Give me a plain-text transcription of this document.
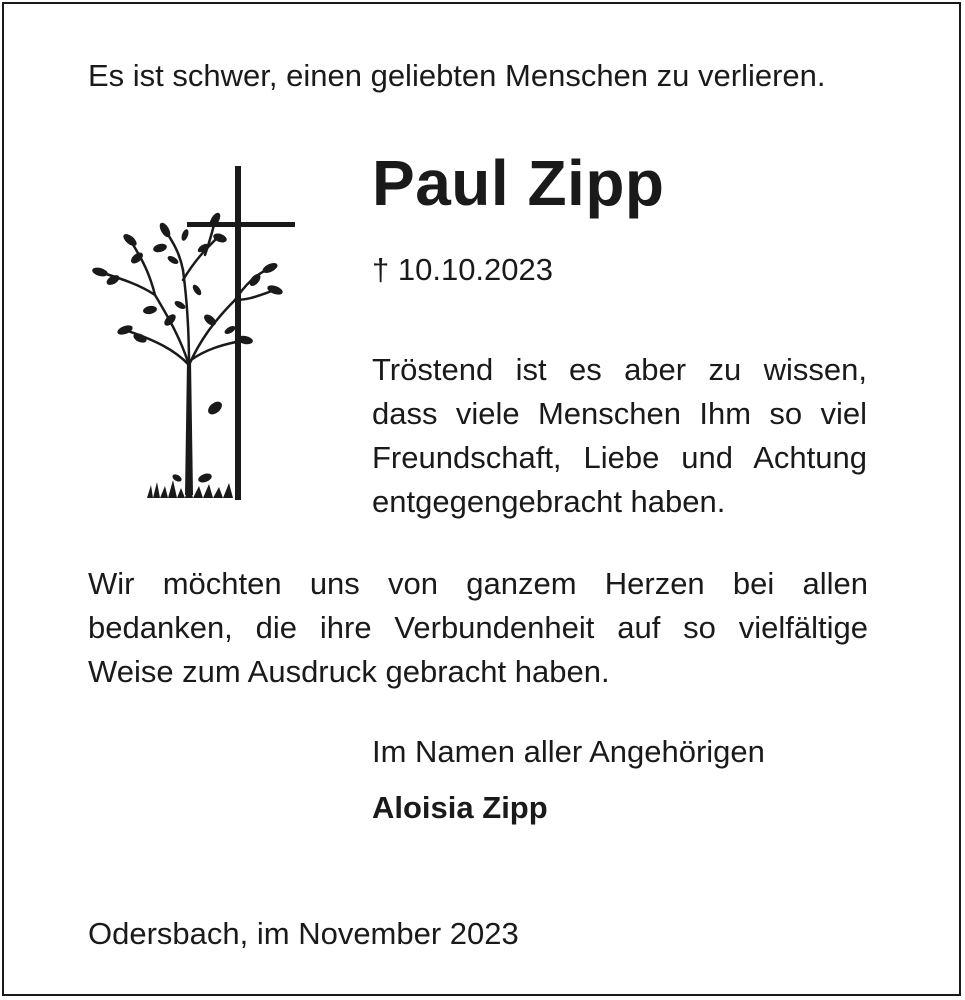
Es ist schwer, einen geliebten Menschen zu verlieren.
Paul Zipp
† 10.10.2023
Tröstend ist es aber zu wissen,
dass viele Menschen Ihm so viel
Freundschaft, Liebe und Achtung
entgegengebracht haben.
Wir möchten uns von ganzem Herzen bei allen
bedanken, die ihre Verbundenheit auf so vielfältige
Weise zum Ausdruck gebracht haben.
Im Namen aller Angehörigen
Aloisia Zipp
Odersbach, im November 2023
